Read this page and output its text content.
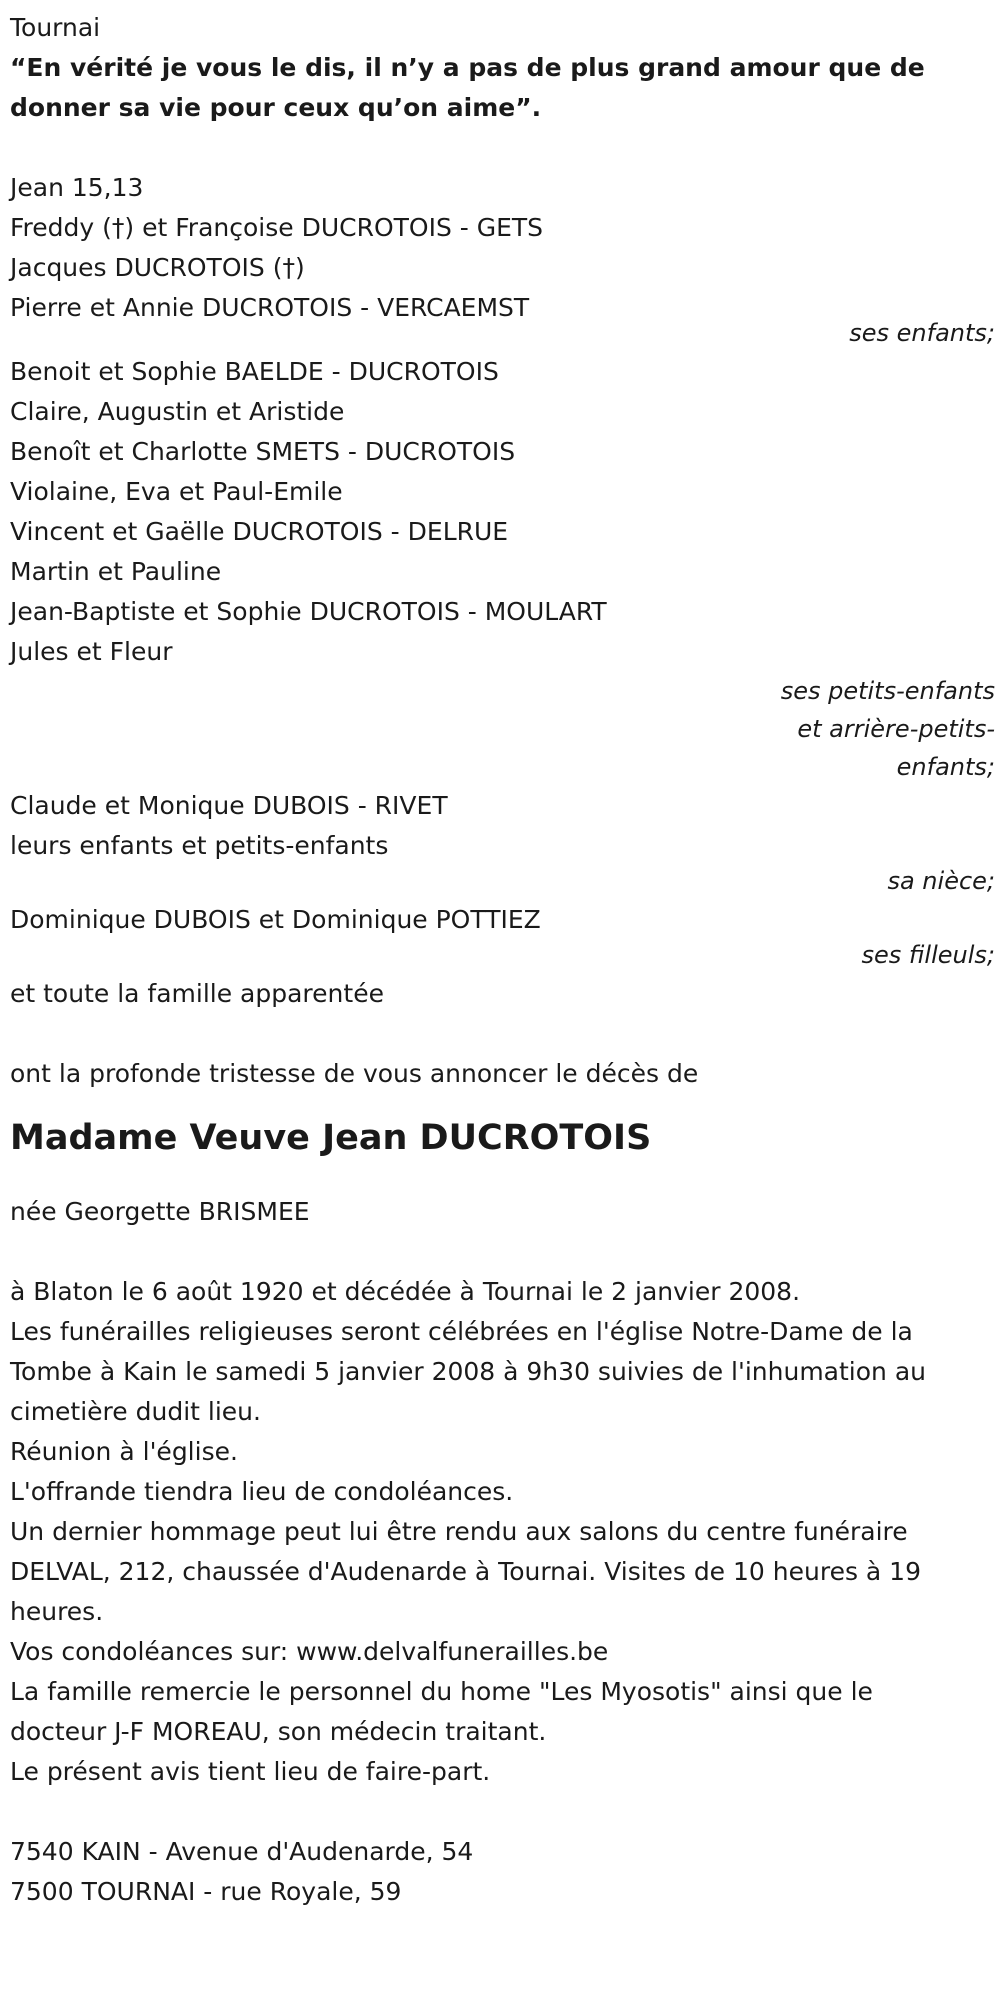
Tournai
“En vérité je vous le dis, il n’y a pas de plus grand amour que de
donner sa vie pour ceux qu’on aime”.
Jean 15,13
Freddy (†) et Françoise DUCROTOIS - GETS
Jacques DUCROTOIS (†)
Pierre et Annie DUCROTOIS - VERCAEMST
ses enfants;
Benoit et Sophie BAELDE - DUCROTOIS
Claire, Augustin et Aristide
Benoît et Charlotte SMETS - DUCROTOIS
Violaine, Eva et Paul-Emile
Vincent et Gaëlle DUCROTOIS - DELRUE
Martin et Pauline
Jean-Baptiste et Sophie DUCROTOIS - MOULART
Jules et Fleur
ses petits-enfants
et arrière-petits-
enfants;
Claude et Monique DUBOIS - RIVET
leurs enfants et petits-enfants
sa nièce;
Dominique DUBOIS et Dominique POTTIEZ
ses filleuls;
et toute la famille apparentée
ont la profonde tristesse de vous annoncer le décès de
Madame Veuve Jean DUCROTOIS
née Georgette BRISMEE
à Blaton le 6 août 1920 et décédée à Tournai le 2 janvier 2008.
Les funérailles religieuses seront célébrées en l'église Notre-Dame de la
Tombe à Kain le samedi 5 janvier 2008 à 9h30 suivies de l'inhumation au
cimetière dudit lieu.
Réunion à l'église.
L'offrande tiendra lieu de condoléances.
Un dernier hommage peut lui être rendu aux salons du centre funéraire
DELVAL, 212, chaussée d'Audenarde à Tournai. Visites de 10 heures à 19
heures.
Vos condoléances sur: www.delvalfunerailles.be
La famille remercie le personnel du home "Les Myosotis" ainsi que le
docteur J-F MOREAU, son médecin traitant.
Le présent avis tient lieu de faire-part.
7540 KAIN - Avenue d'Audenarde, 54
7500 TOURNAI - rue Royale, 59
